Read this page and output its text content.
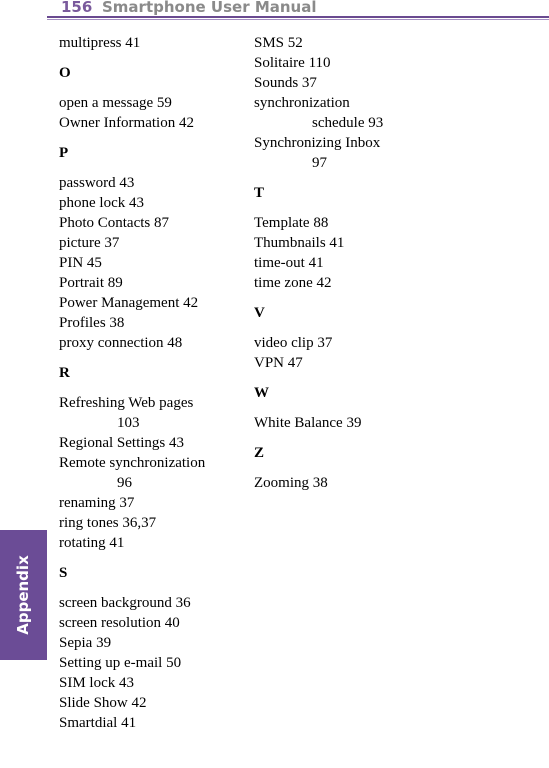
156 Smartphone User Manual
Appendix
multipress 41
O
open a message 59
Owner Information 42
P
password 43
phone lock 43
Photo Contacts 87
picture 37
PIN 45
Portrait 89
Power Management 42
Profiles 38
proxy connection 48
R
Refreshing Web pages
103
Regional Settings 43
Remote synchronization
96
renaming 37
ring tones 36,37
rotating 41
S
screen background 36
screen resolution 40
Sepia 39
Setting up e-mail 50
SIM lock 43
Slide Show 42
Smartdial 41
SMS 52
Solitaire 110
Sounds 37
synchronization
schedule 93
Synchronizing Inbox
97
T
Template 88
Thumbnails 41
time-out 41
time zone 42
V
video clip 37
VPN 47
W
White Balance 39
Z
Zooming 38
